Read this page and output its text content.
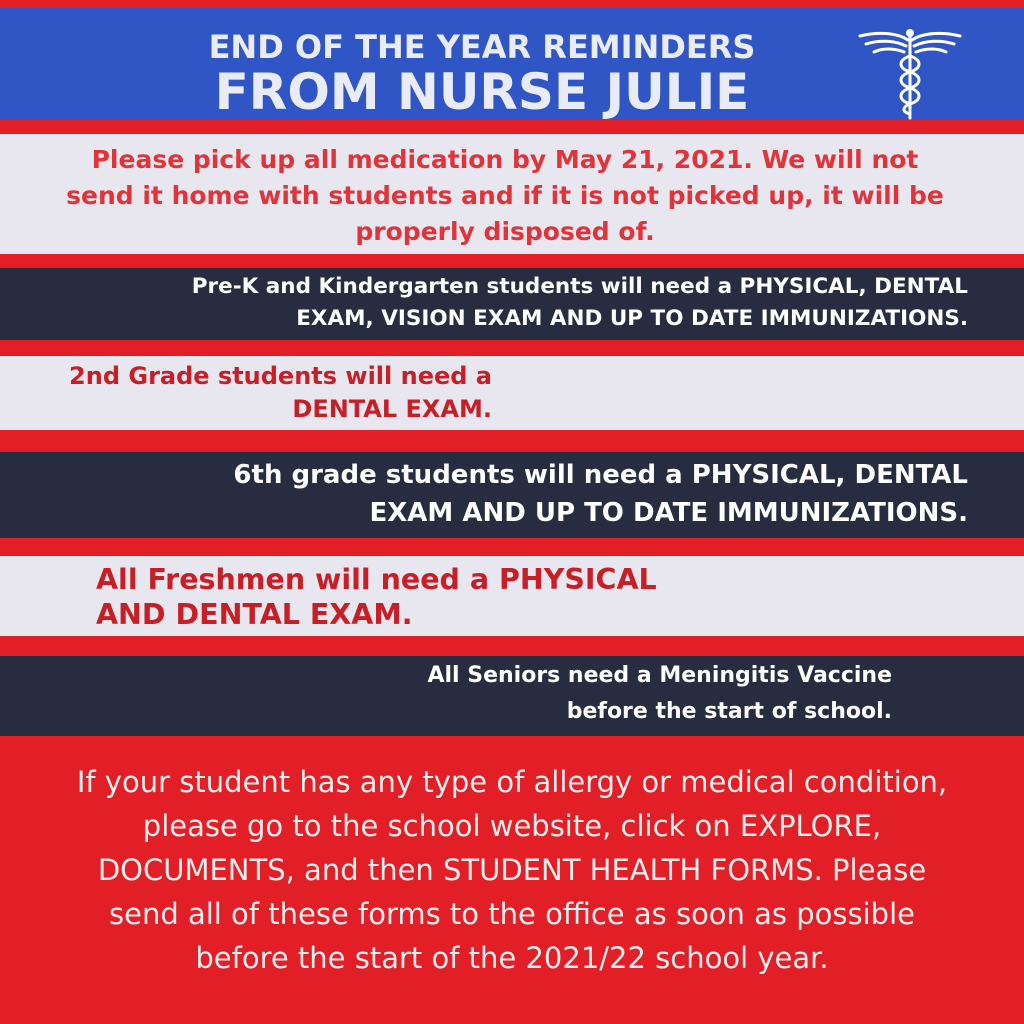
END OF THE YEAR REMINDERS
FROM NURSE JULIE
Please pick up all medication by May 21, 2021. We will not
send it home with students and if it is not picked up, it will be
properly disposed of.
Pre-K and Kindergarten students will need a PHYSICAL, DENTAL
EXAM, VISION EXAM AND UP TO DATE IMMUNIZATIONS.
2nd Grade students will need a
DENTAL EXAM.
6th grade students will need a PHYSICAL, DENTAL
EXAM AND UP TO DATE IMMUNIZATIONS.
All Freshmen will need a PHYSICAL
AND DENTAL EXAM.
All Seniors need a Meningitis Vaccine
before the start of school.
If your student has any type of allergy or medical condition,
please go to the school website, click on EXPLORE,
DOCUMENTS, and then STUDENT HEALTH FORMS. Please
send all of these forms to the office as soon as possible
before the start of the 2021/22 school year.
